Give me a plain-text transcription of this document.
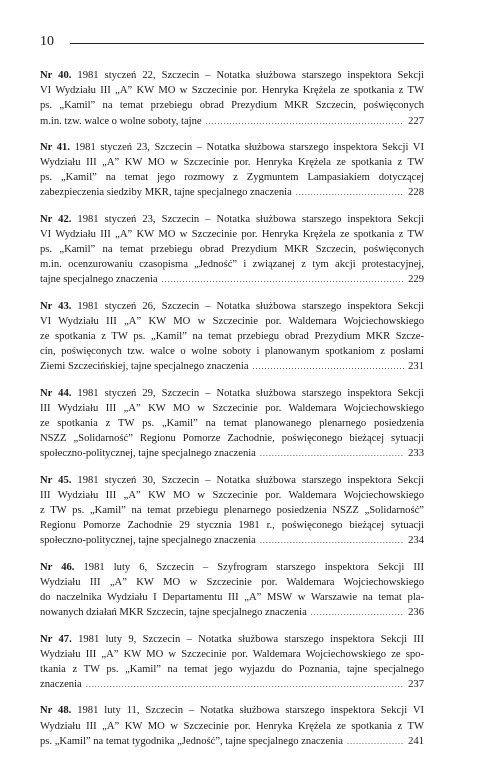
10
Nr 40. 1981 styczeń 22, Szczecin – Notatka służbowa starszego inspektora Sekcji
VI Wydziału III „A” KW MO w Szczecinie por. Henryka Krężela ze spotkania z TW
ps. „Kamil” na temat przebiegu obrad Prezydium MKR Szczecin, poświęconych
m.in. tzw. walce o wolne soboty, tajne .....	227
Nr 41. 1981 styczeń 23, Szczecin – Notatka służbowa starszego inspektora Sekcji VI
Wydziału III „A” KW MO w Szczecinie por. Henryka Krężela ze spotkania z TW
ps. „Kamil” na temat jego rozmowy z Zygmuntem Lampasiakiem dotyczącej
zabezpieczenia siedziby MKR, tajne specjalnego znaczenia .....	228
Nr 42. 1981 styczeń 23, Szczecin – Notatka służbowa starszego inspektora Sekcji
VI Wydziału III „A” KW MO w Szczecinie por. Henryka Krężela ze spotkania z TW
ps. „Kamil” na temat przebiegu obrad Prezydium MKR Szczecin, poświęconych
m.in. ocenzurowaniu czasopisma „Jedność” i związanej z tym akcji protestacyjnej,
tajne specjalnego znaczenia .....	229
Nr 43. 1981 styczeń 26, Szczecin – Notatka służbowa starszego inspektora Sekcji
VI Wydziału III „A” KW MO w Szczecinie por. Waldemara Wojciechowskiego
ze spotkania z TW ps. „Kamil” na temat przebiegu obrad Prezydium MKR Szcze-
cin, poświęconych tzw. walce o wolne soboty i planowanym spotkaniom z posłami
Ziemi Szczecińskiej, tajne specjalnego znaczenia .....	231
Nr 44. 1981 styczeń 29, Szczecin – Notatka służbowa starszego inspektora Sekcji
III Wydziału III „A” KW MO w Szczecinie por. Waldemara Wojciechowskiego
ze spotkania z TW ps. „Kamil” na temat planowanego plenarnego posiedzenia
NSZZ „Solidarność” Regionu Pomorze Zachodnie, poświęconego bieżącej sytuacji
społeczno-politycznej, tajne specjalnego znaczenia .....	233
Nr 45. 1981 styczeń 30, Szczecin – Notatka służbowa starszego inspektora Sekcji
III Wydziału III „A” KW MO w Szczecinie por. Waldemara Wojciechowskiego
z TW ps. „Kamil” na temat przebiegu plenarnego posiedzenia NSZZ „Solidarność”
Regionu Pomorze Zachodnie 29 stycznia 1981 r., poświęconego bieżącej sytuacji
społeczno-politycznej, tajne specjalnego znaczenia .....	234
Nr 46. 1981 luty 6, Szczecin – Szyfrogram starszego inspektora Sekcji III
Wydziału III „A” KW MO w Szczecinie por. Waldemara Wojciechowskiego
do naczelnika Wydziału I Departamentu III „A” MSW w Warszawie na temat pla-
nowanych działań MKR Szczecin, tajne specjalnego znaczenia .....	236
Nr 47. 1981 luty 9, Szczecin – Notatka służbowa starszego inspektora Sekcji III
Wydziału III „A” KW MO w Szczecinie por. Waldemara Wojciechowskiego ze spo-
tkania z TW ps. „Kamil” na temat jego wyjazdu do Poznania, tajne specjalnego
znaczenia .....	237
Nr 48. 1981 luty 11, Szczecin – Notatka służbowa starszego inspektora Sekcji VI
Wydziału III „A” KW MO w Szczecinie por. Henryka Krężela ze spotkania z TW
ps. „Kamil” na temat tygodnika „Jedność”, tajne specjalnego znaczenia .....	241
